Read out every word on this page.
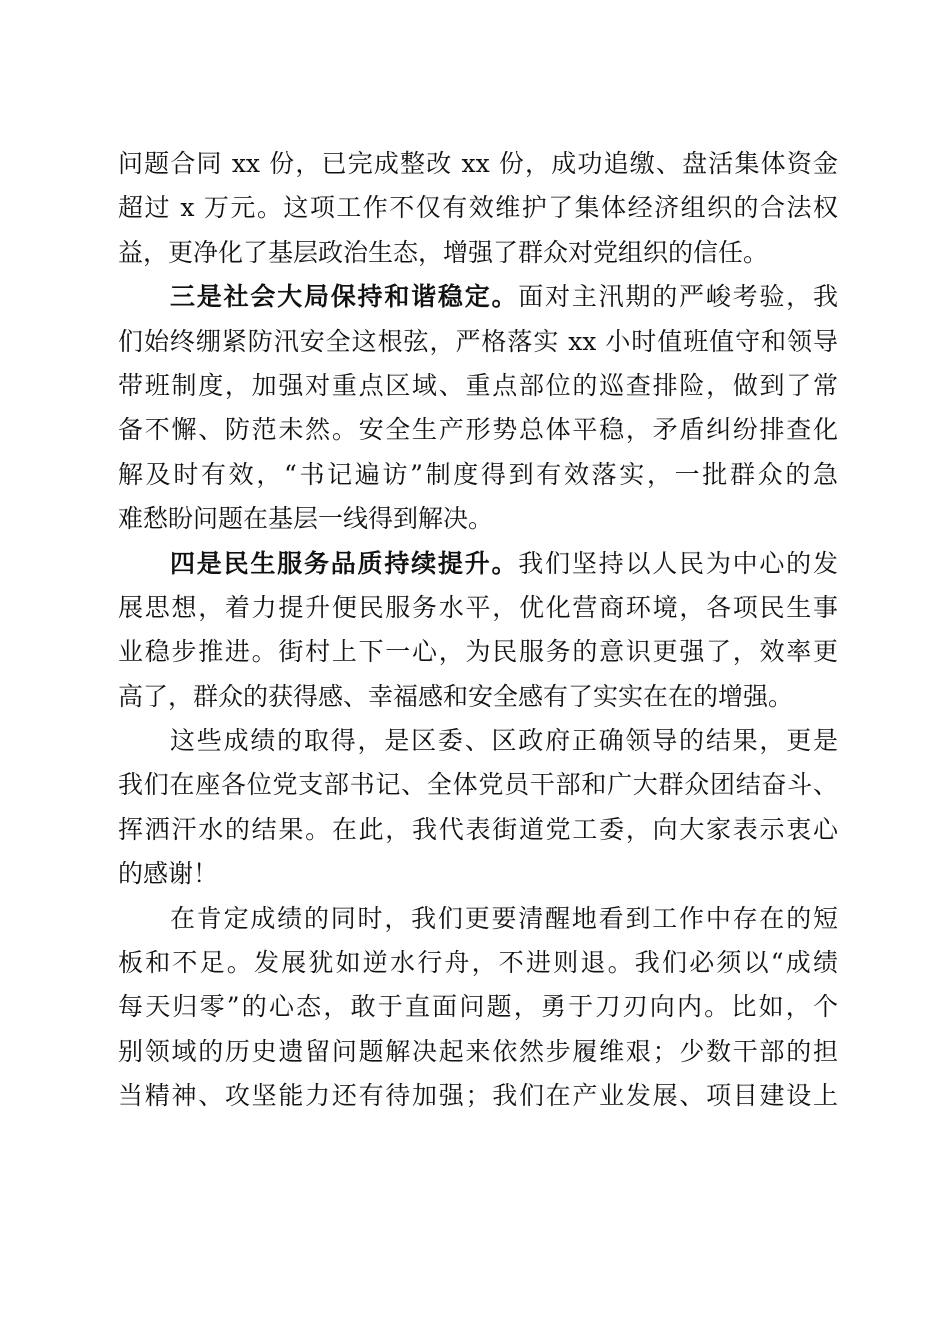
问题合同 xx 份，已完成整改 xx 份，成功追缴、盘活集体资金
超过 x 万元。这项工作不仅有效维护了集体经济组织的合法权
益，更净化了基层政治生态，增强了群众对党组织的信任。
三是社会大局保持和谐稳定。面对主汛期的严峻考验，我
们始终绷紧防汛安全这根弦，严格落实 xx 小时值班值守和领导
带班制度，加强对重点区域、重点部位的巡查排险，做到了常
备不懈、防范未然。安全生产形势总体平稳，矛盾纠纷排查化
解及时有效，“书记遍访”制度得到有效落实，一批群众的急
难愁盼问题在基层一线得到解决。
四是民生服务品质持续提升。我们坚持以人民为中心的发
展思想，着力提升便民服务水平，优化营商环境，各项民生事
业稳步推进。街村上下一心，为民服务的意识更强了，效率更
高了，群众的获得感、幸福感和安全感有了实实在在的增强。
这些成绩的取得，是区委、区政府正确领导的结果，更是
我们在座各位党支部书记、全体党员干部和广大群众团结奋斗、
挥洒汗水的结果。在此，我代表街道党工委，向大家表示衷心
的感谢！
在肯定成绩的同时，我们更要清醒地看到工作中存在的短
板和不足。发展犹如逆水行舟，不进则退。我们必须以“成绩
每天归零”的心态，敢于直面问题，勇于刀刃向内。比如，个
别领域的历史遗留问题解决起来依然步履维艰；少数干部的担
当精神、攻坚能力还有待加强；我们在产业发展、项目建设上
